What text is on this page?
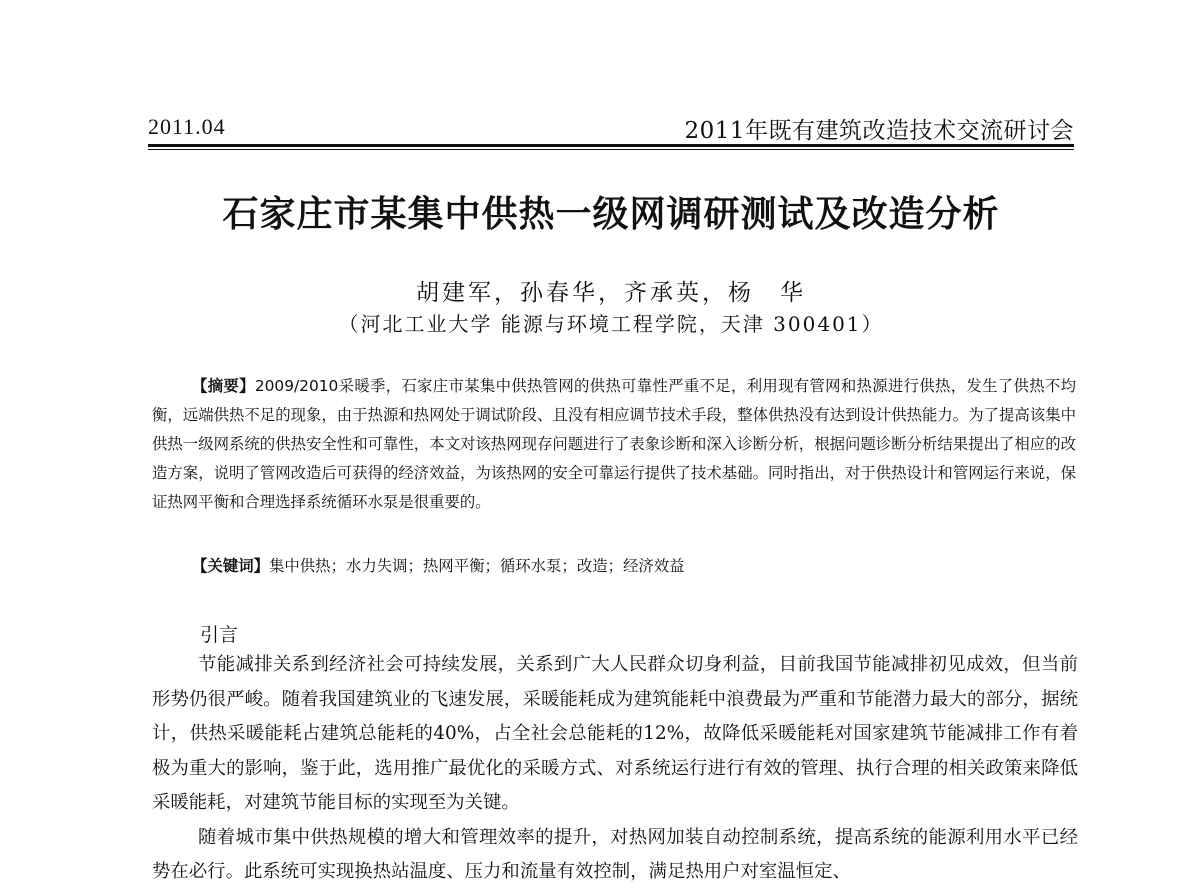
2011.04	2011年既有建筑改造技术交流研讨会
石家庄市某集中供热一级网调研测试及改造分析
胡建军，孙春华，齐承英，杨　华
（河北工业大学 能源与环境工程学院，天津 300401）
【摘要】2009/2010采暖季，石家庄市某集中供热管网的供热可靠性严重不足，利用现有管网和热源进行供热，发生了供热不均衡，远端供热不足的现象，由于热源和热网处于调试阶段、且没有相应调节技术手段，整体供热没有达到设计供热能力。为了提高该集中供热一级网系统的供热安全性和可靠性，本文对该热网现存问题进行了表象诊断和深入诊断分析，根据问题诊断分析结果提出了相应的改造方案，说明了管网改造后可获得的经济效益，为该热网的安全可靠运行提供了技术基础。同时指出，对于供热设计和管网运行来说，保证热网平衡和合理选择系统循环水泵是很重要的。
【关键词】集中供热；水力失调；热网平衡；循环水泵；改造；经济效益
引言

节能减排关系到经济社会可持续发展，关系到广大人民群众切身利益，目前我国节能减排初见成效，但当前形势仍很严峻。随着我国建筑业的飞速发展，采暖能耗成为建筑能耗中浪费最为严重和节能潜力最大的部分，据统计，供热采暖能耗占建筑总能耗的40%，占全社会总能耗的12%，故降低采暖能耗对国家建筑节能减排工作有着极为重大的影响，鉴于此，选用推广最优化的采暖方式、对系统运行进行有效的管理、执行合理的相关政策来降低采暖能耗，对建筑节能目标的实现至为关键。

随着城市集中供热规模的增大和管理效率的提升，对热网加装自动控制系统，提高系统的能源利用水平已经势在必行。此系统可实现换热站温度、压力和流量有效控制，满足热用户对室温恒定、
